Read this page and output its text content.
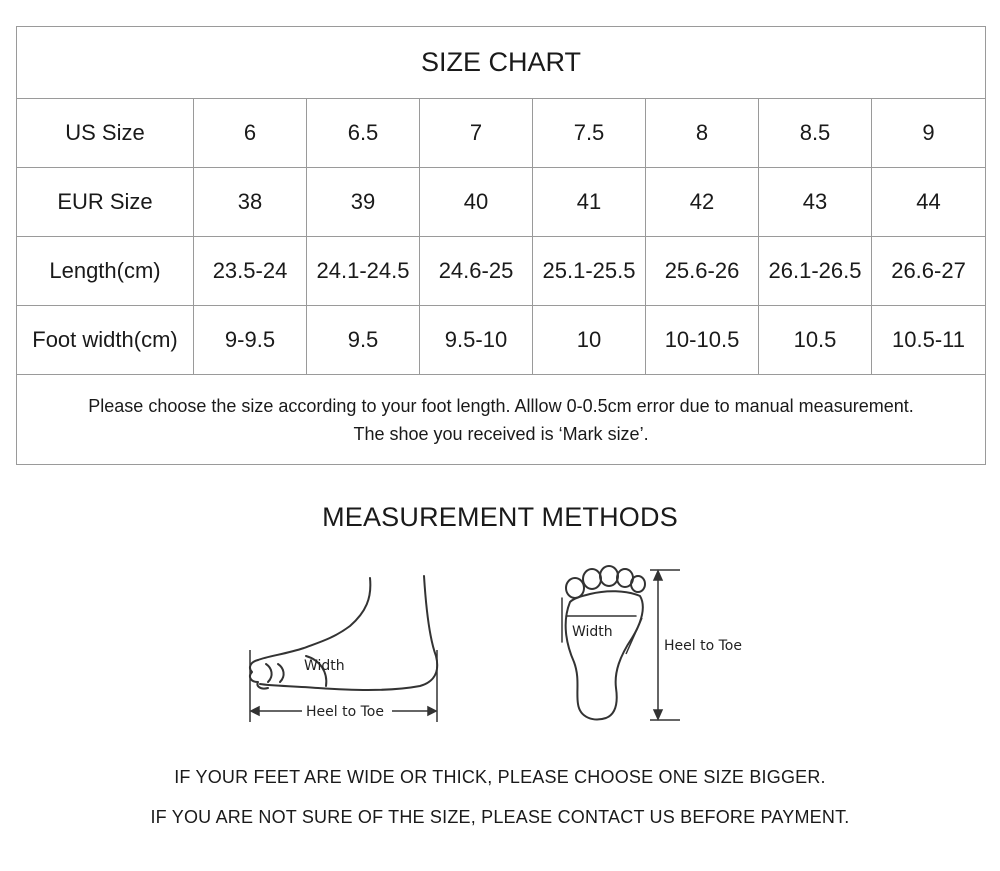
SIZE CHART							
US Size	6	6.5	7	7.5	8	8.5	9
EUR Size	38	39	40	41	42	43	44
Length(cm)	23.5-24	24.1-24.5	24.6-25	25.1-25.5	25.6-26	26.1-26.5	26.6-27
Foot width(cm)	9-9.5	9.5	9.5-10	10	10-10.5	10.5	10.5-11

Please choose the size according to your foot length. Alllow 0-0.5cm error due to manual measurement.
The shoe you received is ‘Mark size’.							
MEASUREMENT METHODS
Width
Heel to Toe
Width
Heel to Toe
IF YOUR FEET ARE WIDE OR THICK, PLEASE CHOOSE ONE SIZE BIGGER.
IF YOU ARE NOT SURE OF THE SIZE, PLEASE CONTACT US BEFORE PAYMENT.
